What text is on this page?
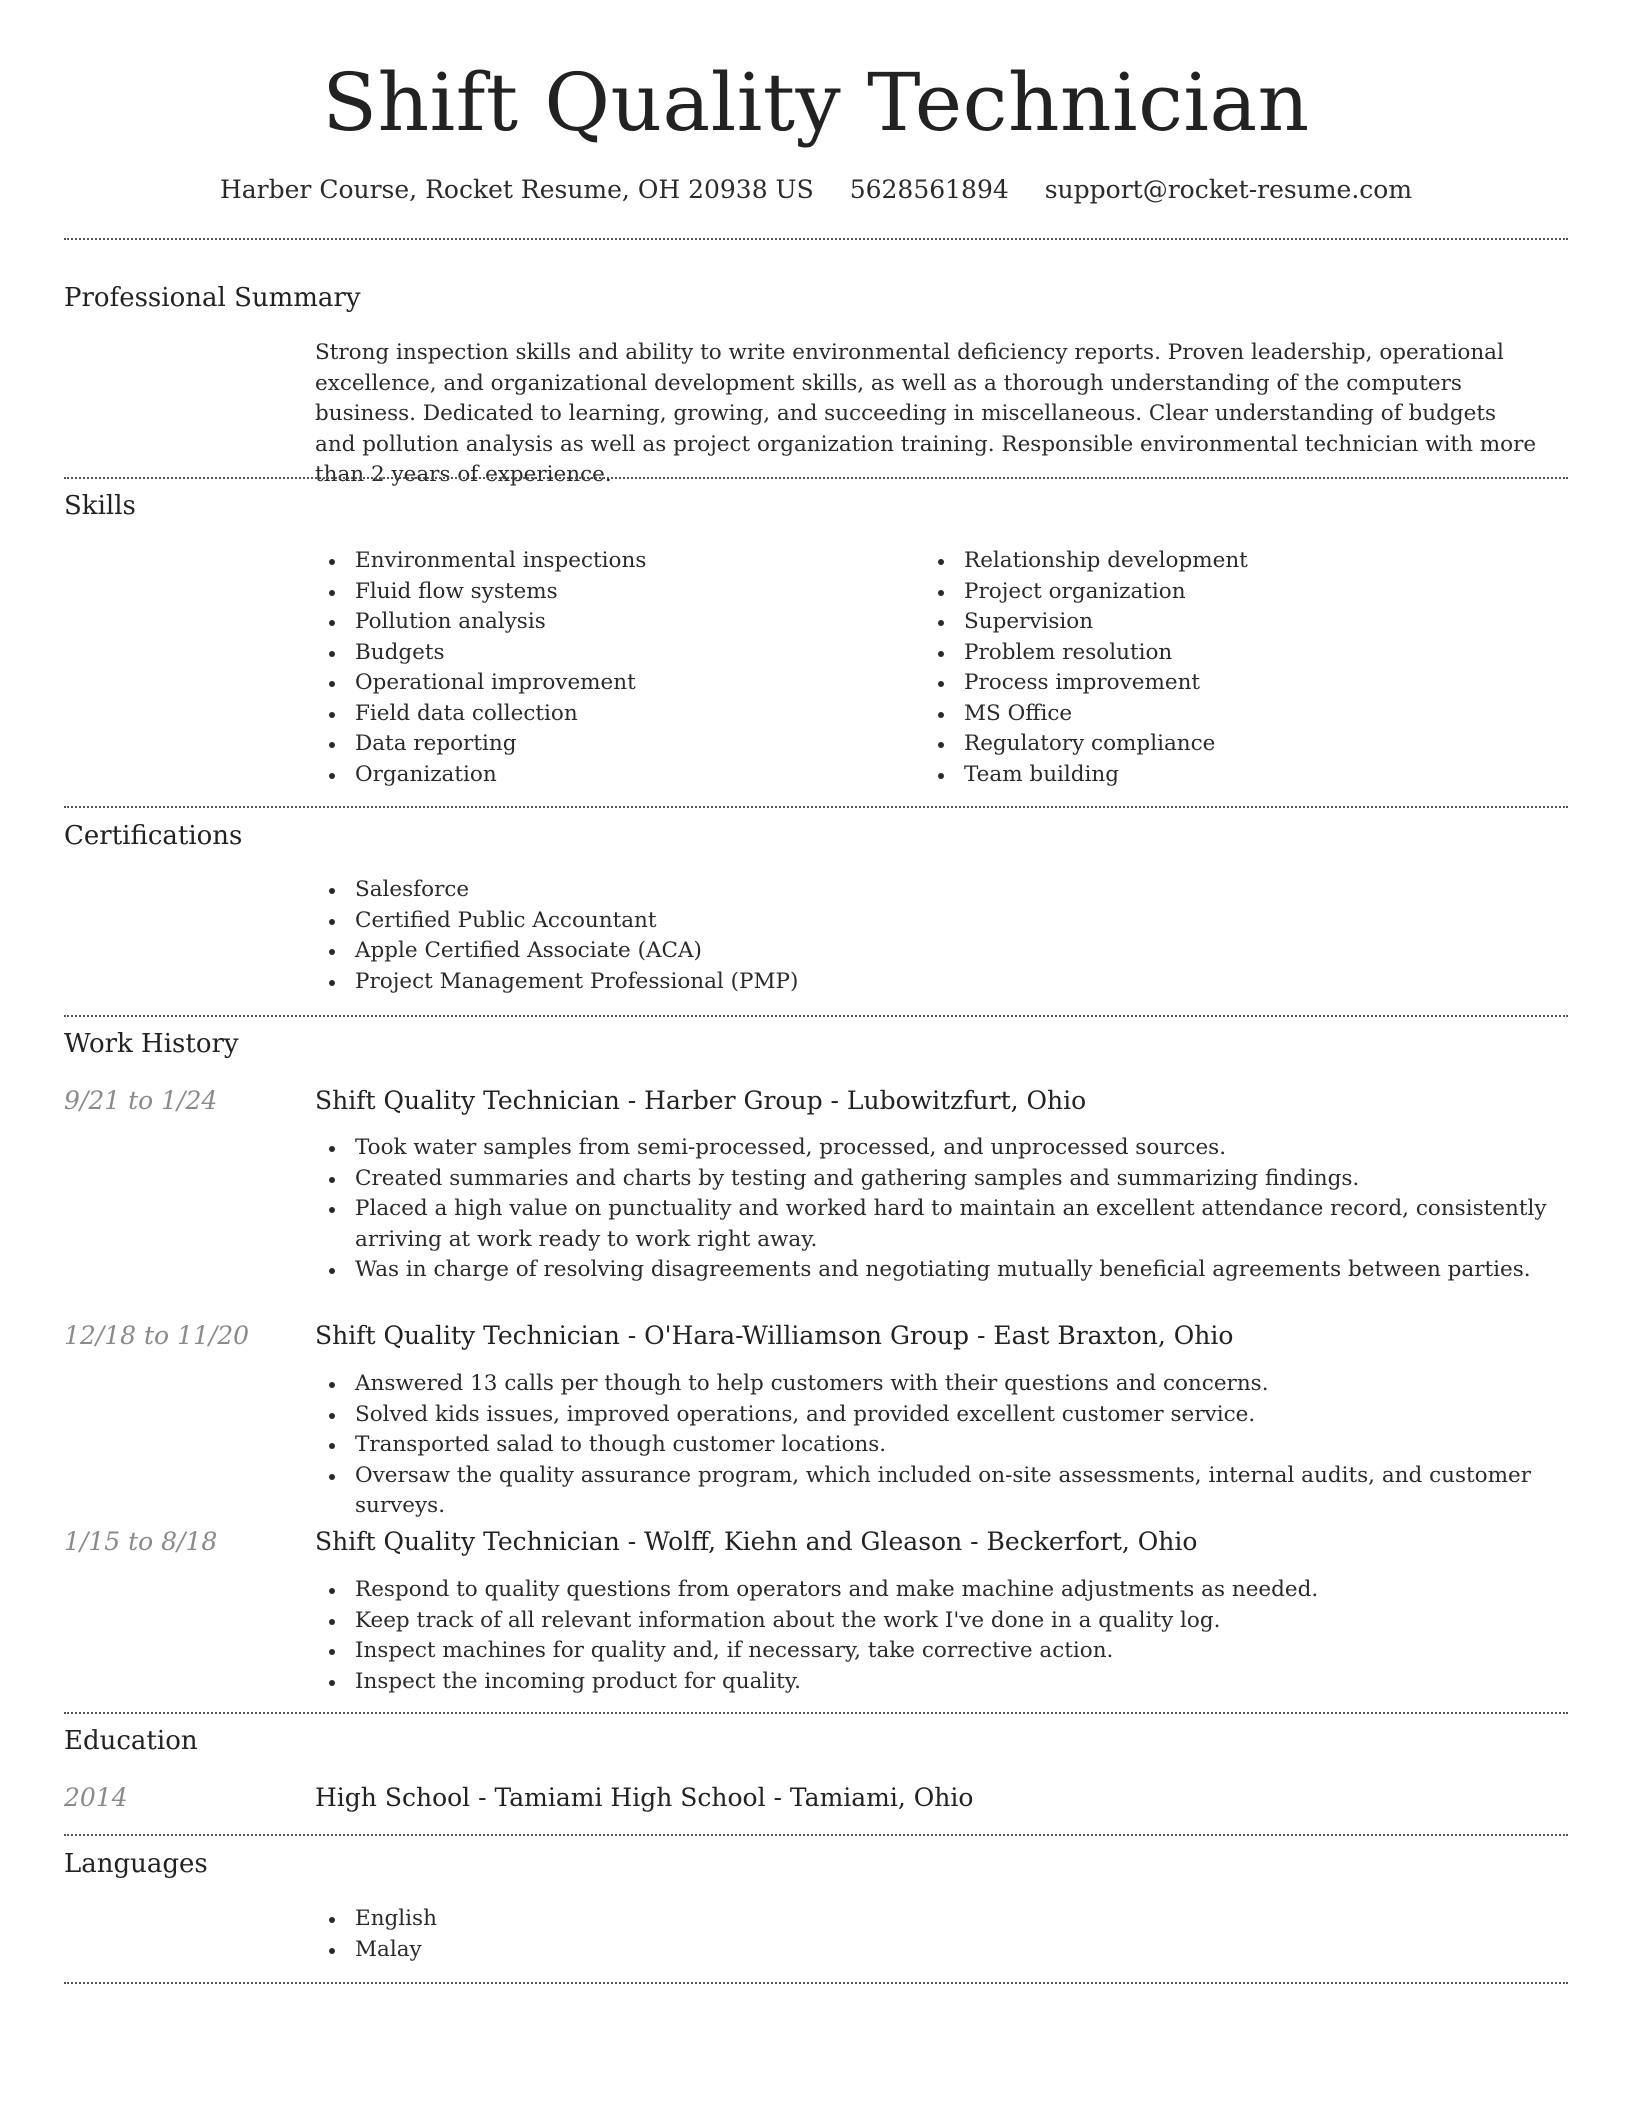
Shift Quality Technician
Harber Course, Rocket Resume, OH 20938 US 5628561894 support@rocket-resume.com
Professional Summary
Strong inspection skills and ability to write environmental deficiency reports. Proven leadership, operational excellence, and organizational development skills, as well as a thorough understanding of the computers business. Dedicated to learning, growing, and succeeding in miscellaneous. Clear understanding of budgets and pollution analysis as well as project organization training. Responsible environmental technician with more than 2 years of experience.
Skills
Environmental inspections
Fluid flow systems
Pollution analysis
Budgets
Operational improvement
Field data collection
Data reporting
Organization
Relationship development
Project organization
Supervision
Problem resolution
Process improvement
MS Office
Regulatory compliance
Team building
Certifications
Salesforce
Certified Public Accountant
Apple Certified Associate (ACA)
Project Management Professional (PMP)
Work History
9/21 to 1/24	Shift Quality Technician - Harber Group - Lubowitzfurt, Ohio
Took water samples from semi-processed, processed, and unprocessed sources.
Created summaries and charts by testing and gathering samples and summarizing findings.
Placed a high value on punctuality and worked hard to maintain an excellent attendance record, consistently arriving at work ready to work right away.
Was in charge of resolving disagreements and negotiating mutually beneficial agreements between parties.
12/18 to 11/20	Shift Quality Technician - O'Hara-Williamson Group - East Braxton, Ohio
Answered 13 calls per though to help customers with their questions and concerns.
Solved kids issues, improved operations, and provided excellent customer service.
Transported salad to though customer locations.
Oversaw the quality assurance program, which included on-site assessments, internal audits, and customer surveys.
1/15 to 8/18	Shift Quality Technician - Wolff, Kiehn and Gleason - Beckerfort, Ohio
Respond to quality questions from operators and make machine adjustments as needed.
Keep track of all relevant information about the work I've done in a quality log.
Inspect machines for quality and, if necessary, take corrective action.
Inspect the incoming product for quality.
Education
2014	High School - Tamiami High School - Tamiami, Ohio
Languages
English
Malay
